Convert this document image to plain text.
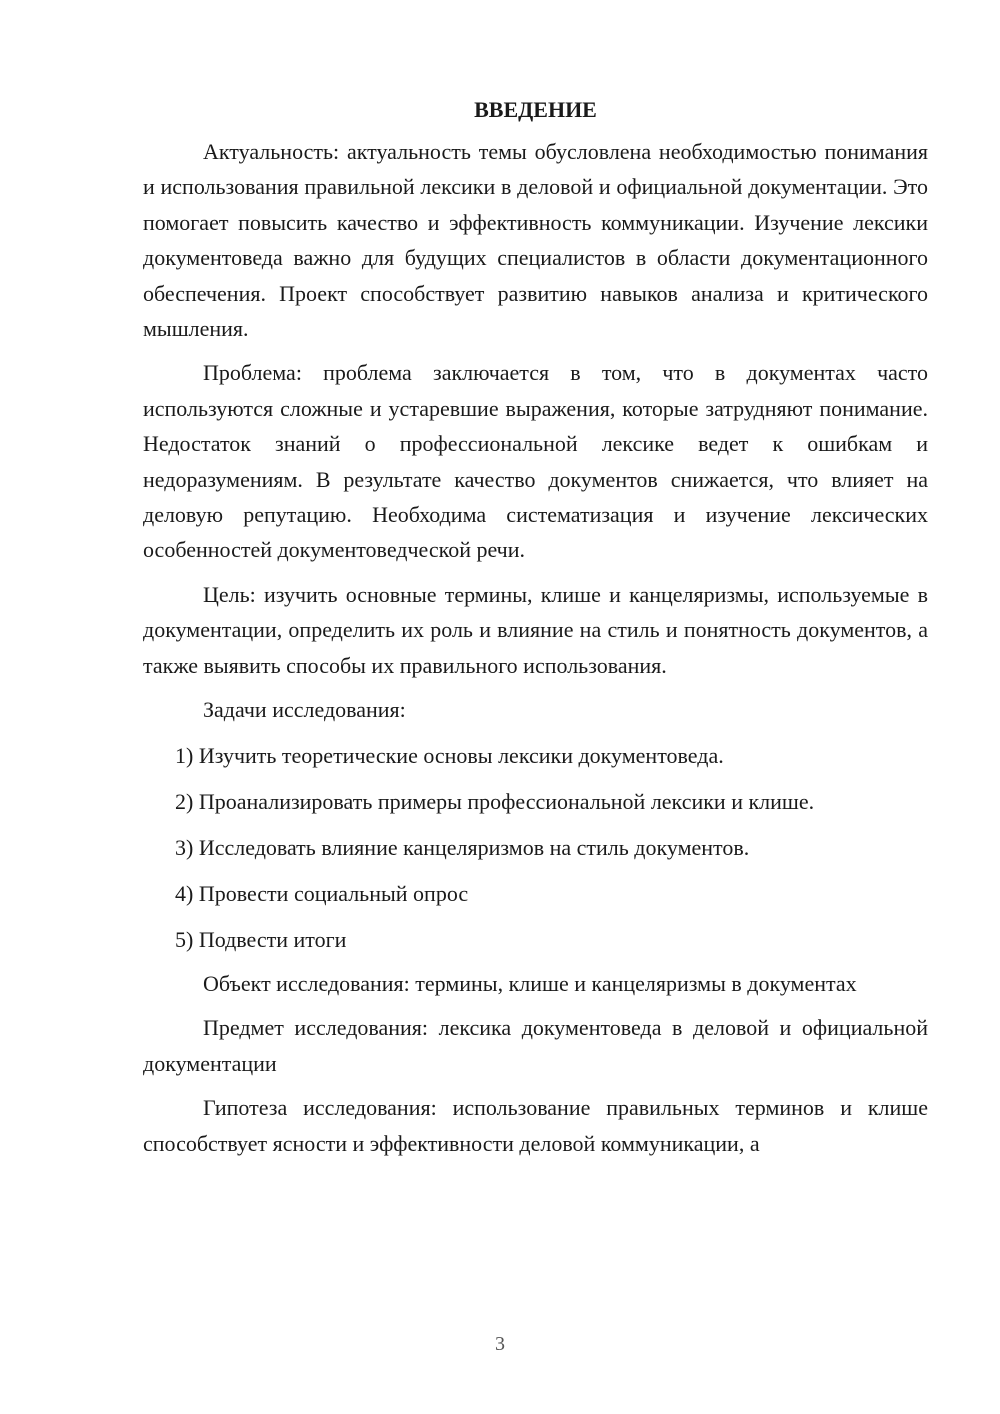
ВВЕДЕНИЕ

Актуальность: актуальность темы обусловлена необходимостью понимания и использования правильной лексики в деловой и официальной документации. Это помогает повысить качество и эффективность коммуникации. Изучение лексики документоведа важно для будущих специалистов в области документационного обеспечения. Проект способствует развитию навыков анализа и критического мышления.

Проблема: проблема заключается в том, что в документах часто используются сложные и устаревшие выражения, которые затрудняют понимание. Недостаток знаний о профессиональной лексике ведет к ошибкам и недоразумениям. В результате качество документов снижается, что влияет на деловую репутацию. Необходима систематизация и изучение лексических особенностей документоведческой речи.

Цель: изучить основные термины, клише и канцеляризмы, используемые в документации, определить их роль и влияние на стиль и понятность документов, а также выявить способы их правильного использования.

Задачи исследования:

1) Изучить теоретические основы лексики документоведа.

2) Проанализировать примеры профессиональной лексики и клише.

3) Исследовать влияние канцеляризмов на стиль документов.

4) Провести социальный опрос

5) Подвести итоги

Объект исследования: термины, клише и канцеляризмы в документах

Предмет исследования: лексика документоведа в деловой и официальной документации

Гипотеза исследования: использование правильных терминов и клише способствует ясности и эффективности деловой коммуникации, а

3
